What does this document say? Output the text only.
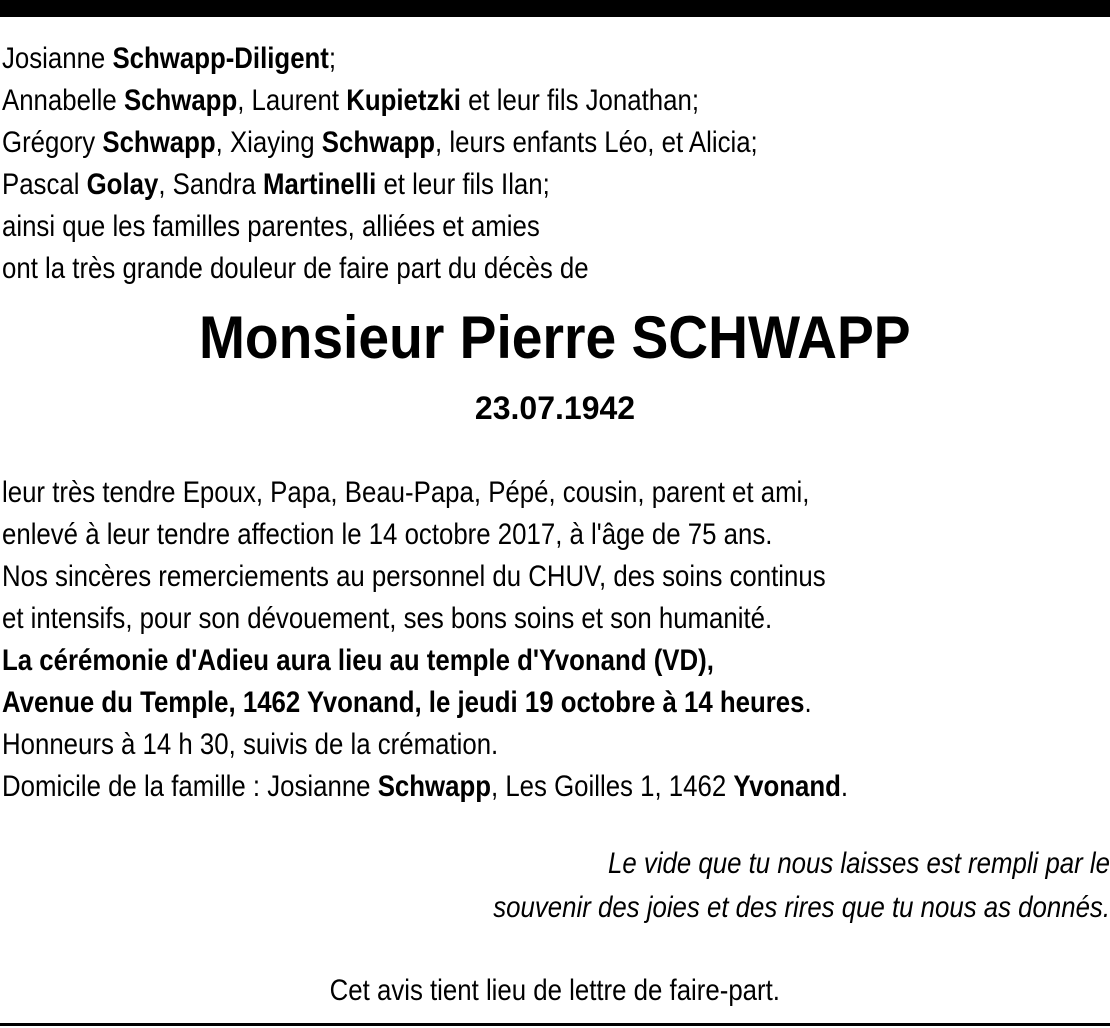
Josianne Schwapp-Diligent;
Annabelle Schwapp, Laurent Kupietzki et leur fils Jonathan;
Grégory Schwapp, Xiaying Schwapp, leurs enfants Léo, et Alicia;
Pascal Golay, Sandra Martinelli et leur fils Ilan;
ainsi que les familles parentes, alliées et amies
ont la très grande douleur de faire part du décès de
Monsieur Pierre SCHWAPP
23.07.1942
leur très tendre Epoux, Papa, Beau-Papa, Pépé, cousin, parent et ami,
enlevé à leur tendre affection le 14 octobre 2017, à l'âge de 75 ans.
Nos sincères remerciements au personnel du CHUV, des soins continus
et intensifs, pour son dévouement, ses bons soins et son humanité.
La cérémonie d'Adieu aura lieu au temple d'Yvonand (VD),
Avenue du Temple, 1462 Yvonand, le jeudi 19 octobre à 14 heures.
Honneurs à 14 h 30, suivis de la crémation.
Domicile de la famille : Josianne Schwapp, Les Goilles 1, 1462 Yvonand.
Le vide que tu nous laisses est rempli par le
souvenir des joies et des rires que tu nous as donnés.
Cet avis tient lieu de lettre de faire-part.
